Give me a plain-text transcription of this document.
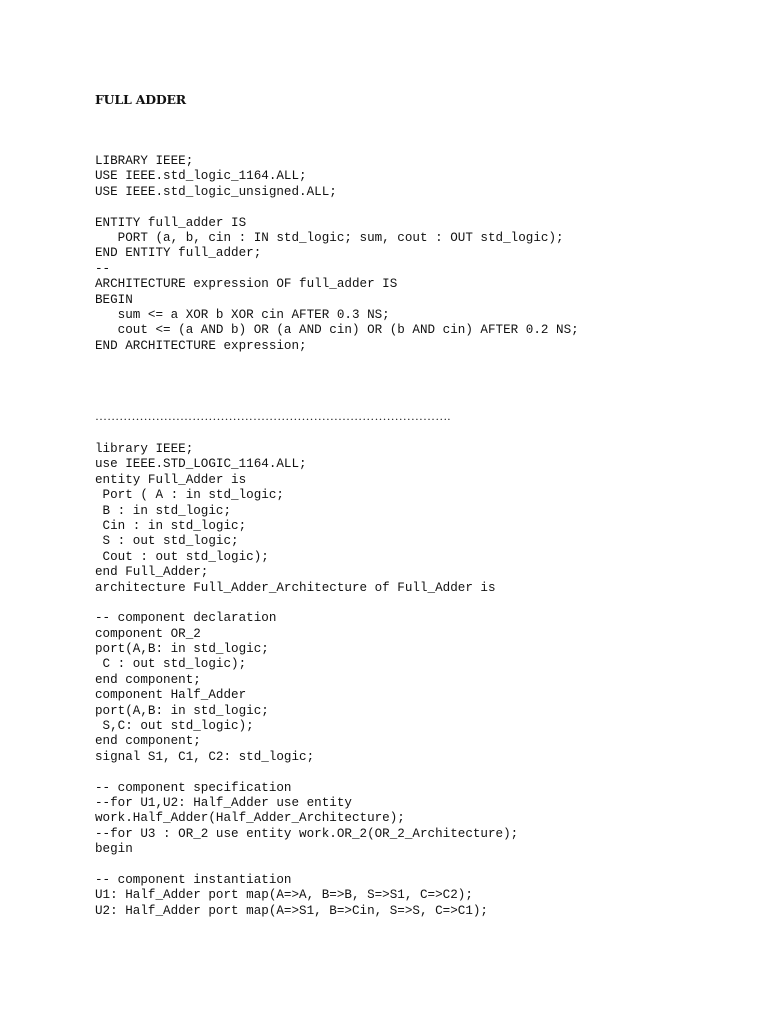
FULL ADDER
LIBRARY IEEE;
USE IEEE.std_logic_1164.ALL;
USE IEEE.std_logic_unsigned.ALL;
ENTITY full_adder IS
PORT (a, b, cin : IN std_logic; sum, cout : OUT std_logic);
END ENTITY full_adder;
--
ARCHITECTURE expression OF full_adder IS
BEGIN
sum <= a XOR b XOR cin AFTER 0.3 NS;
cout <= (a AND b) OR (a AND cin) OR (b AND cin) AFTER 0.2 NS;
END ARCHITECTURE expression;

…………………………………………………………………………….

library IEEE;
use IEEE.STD_LOGIC_1164.ALL;
entity Full_Adder is
Port ( A : in std_logic;
B : in std_logic;
Cin : in std_logic;
S : out std_logic;
Cout : out std_logic);
end Full_Adder;
architecture Full_Adder_Architecture of Full_Adder is
-- component declaration
component OR_2
port(A,B: in std_logic;
C : out std_logic);
end component;
component Half_Adder
port(A,B: in std_logic;
S,C: out std_logic);
end component;
signal S1, C1, C2: std_logic;
-- component specification
--for U1,U2: Half_Adder use entity
work.Half_Adder(Half_Adder_Architecture);
--for U3 : OR_2 use entity work.OR_2(OR_2_Architecture);
begin
-- component instantiation
U1: Half_Adder port map(A=>A, B=>B, S=>S1, C=>C2);
U2: Half_Adder port map(A=>S1, B=>Cin, S=>S, C=>C1);
